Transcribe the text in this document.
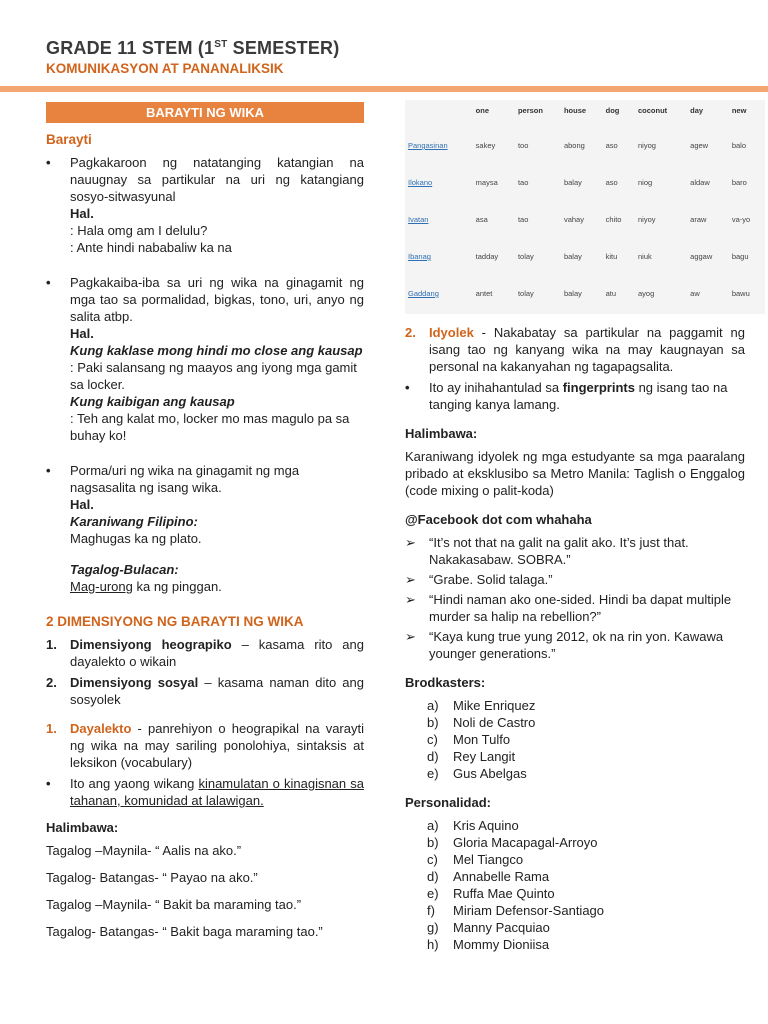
GRADE 11 STEM (1ST SEMESTER)
KOMUNIKASYON AT PANANALIKSIK
BARAYTI NG WIKA
Barayti
• Pagkakaroon ng natatanging katangian na nauugnay sa partikular na uri ng katangiang sosyo-sitwasyunal
Hal.
: Hala omg am I delulu?
: Ante hindi nababaliw ka na
• Pagkakaiba-iba sa uri ng wika na ginagamit ng mga tao sa pormalidad, bigkas, tono, uri, anyo ng salita atbp.
Hal.
Kung kaklase mong hindi mo close ang kausap
: Paki salansang ng maayos ang iyong mga gamit sa locker.
Kung kaibigan ang kausap
: Teh ang kalat mo, locker mo mas magulo pa sa buhay ko!
• Porma/uri ng wika na ginagamit ng mga nagsasalita ng isang wika.
Hal.
Karaniwang Filipino:
Maghugas ka ng plato.
Tagalog-Bulacan:
Mag-urong ka ng pinggan.
2 DIMENSIYONG NG BARAYTI NG WIKA
1. Dimensiyong heograpiko – kasama rito ang dayalekto o wikain
2. Dimensiyong sosyal – kasama naman dito ang sosyolek
1. Dayalekto - panrehiyon o heograpikal na varayti ng wika na may sariling ponolohiya, sintaksis at leksikon (vocabulary)
• Ito ang yaong wikang kinamulatan o kinagisnan sa tahanan, komunidad at lalawigan.
Halimbawa:
Tagalog –Maynila- “ Aalis na ako.”
Tagalog- Batangas- “ Payao na ako.”
Tagalog –Maynila- “ Bakit ba maraming tao.”
Tagalog- Batangas- “ Bakit baga maraming tao.”
	one	person	house	dog	coconut	day	new
Pangasinan	sakey	too	abong	aso	niyog	agew	balo
Ilokano	maysa	tao	balay	aso	niog	aldaw	baro
Ivatan	asa	tao	vahay	chito	niyoy	araw	va-yo
Ibanag	tadday	tolay	balay	kitu	niuk	aggaw	bagu
Gaddang	antet	tolay	balay	atu	ayog	aw	bawu
2. Idyolek - Nakabatay sa partikular na paggamit ng isang tao ng kanyang wika na may kaugnayan sa personal na kakanyahan ng tagapagsalita.
• Ito ay inihahantulad sa fingerprints ng isang tao na tanging kanya lamang.
Halimbawa:
Karaniwang idyolek ng mga estudyante sa mga paaralang pribado at eksklusibo sa Metro Manila: Taglish o Enggalog (code mixing o palit-koda)
@Facebook dot com whahaha
➢ “It’s not that na galit na galit ako. It’s just that. Nakakasabaw. SOBRA.”
➢ “Grabe. Solid talaga.”
➢ “Hindi naman ako one-sided. Hindi ba dapat multiple murder sa halip na rebellion?”
➢ “Kaya kung true yung 2012, ok na rin yon. Kawawa younger generations.”
Brodkasters:
a) Mike Enriquez
b) Noli de Castro
c) Mon Tulfo
d) Rey Langit
e) Gus Abelgas
Personalidad:
a) Kris Aquino
b) Gloria Macapagal-Arroyo
c) Mel Tiangco
d) Annabelle Rama
e) Ruffa Mae Quinto
f) Miriam Defensor-Santiago
g) Manny Pacquiao
h) Mommy Dioniisa
